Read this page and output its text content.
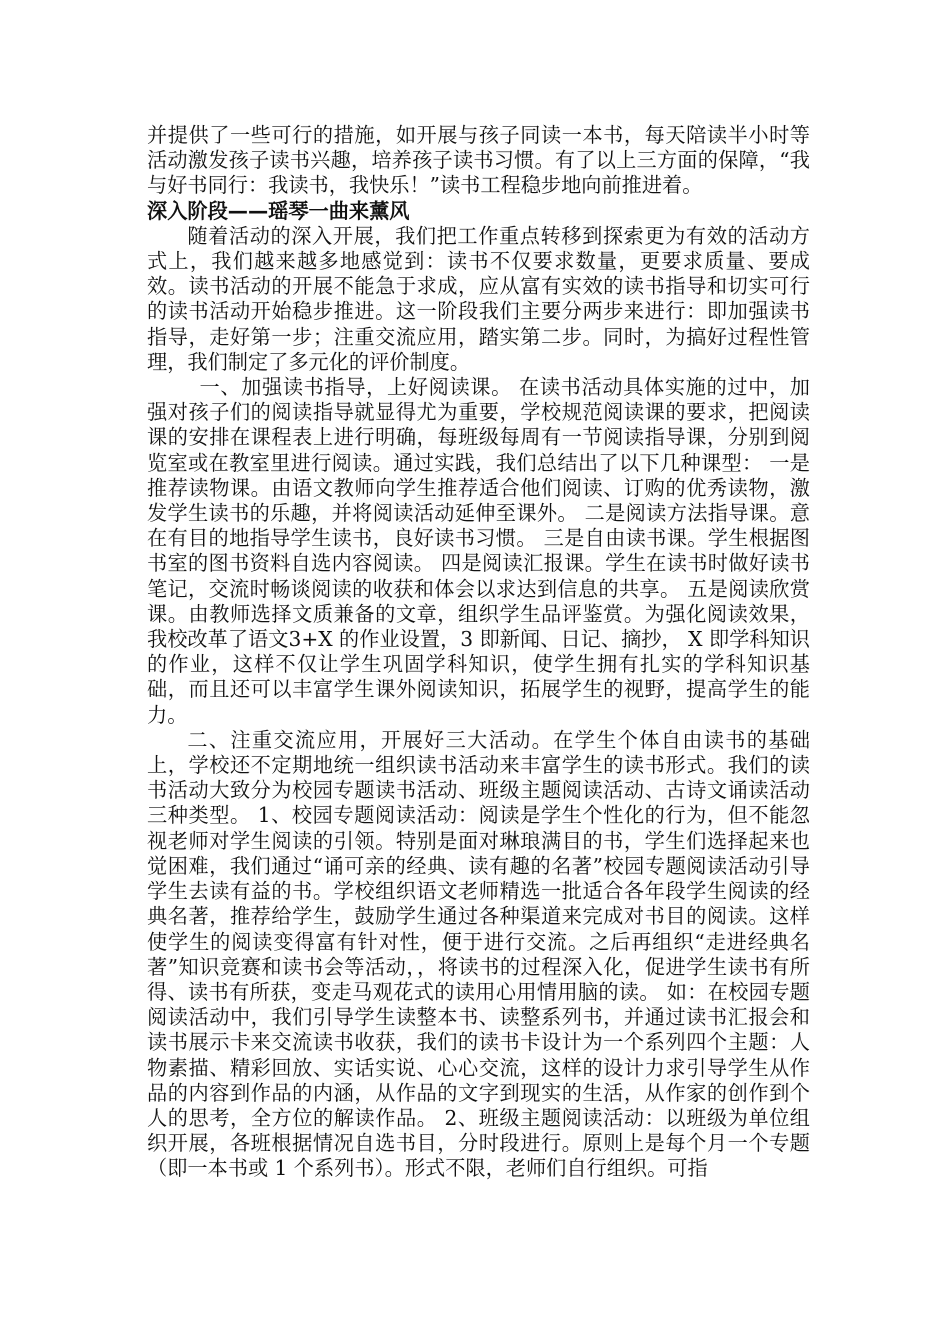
并提供了一些可行的措施，如开展与孩子同读一本书，每天陪读半小时等活动激发孩子读书兴趣，培养孩子读书习惯。有了以上三方面的保障，“我与好书同行：我读书，我快乐！”读书工程稳步地向前推进着。

深入阶段——瑶琴一曲来薰风

随着活动的深入开展，我们把工作重点转移到探索更为有效的活动方式上，我们越来越多地感觉到：读书不仅要求数量，更要求质量、要成效。读书活动的开展不能急于求成，应从富有实效的读书指导和切实可行的读书活动开始稳步推进。这一阶段我们主要分两步来进行：即加强读书指导，走好第一步；注重交流应用，踏实第二步。同时，为搞好过程性管理，我们制定了多元化的评价制度。

一、加强读书指导，上好阅读课。 在读书活动具体实施的过中，加强对孩子们的阅读指导就显得尤为重要，学校规范阅读课的要求，把阅读课的安排在课程表上进行明确，每班级每周有一节阅读指导课，分别到阅览室或在教室里进行阅读。通过实践，我们总结出了以下几种课型： 一是推荐读物课。由语文教师向学生推荐适合他们阅读、订购的优秀读物，激发学生读书的乐趣，并将阅读活动延伸至课外。 二是阅读方法指导课。意在有目的地指导学生读书，良好读书习惯。 三是自由读书课。学生根据图书室的图书资料自选内容阅读。 四是阅读汇报课。学生在读书时做好读书笔记，交流时畅谈阅读的收获和体会以求达到信息的共享。 五是阅读欣赏课。由教师选择文质兼备的文章，组织学生品评鉴赏。为强化阅读效果，我校改革了语文3+X 的作业设置，3 即新闻、日记、摘抄， X 即学科知识的作业，这样不仅让学生巩固学科知识，使学生拥有扎实的学科知识基础，而且还可以丰富学生课外阅读知识，拓展学生的视野，提高学生的能力。

二、注重交流应用，开展好三大活动。在学生个体自由读书的基础上，学校还不定期地统一组织读书活动来丰富学生的读书形式。我们的读书活动大致分为校园专题读书活动、班级主题阅读活动、古诗文诵读活动三种类型。 1、校园专题阅读活动：阅读是学生个性化的行为，但不能忽视老师对学生阅读的引领。特别是面对琳琅满目的书，学生们选择起来也觉困难，我们通过“诵可亲的经典、读有趣的名著”校园专题阅读活动引导学生去读有益的书。学校组织语文老师精选一批适合各年段学生阅读的经典名著，推荐给学生，鼓励学生通过各种渠道来完成对书目的阅读。这样使学生的阅读变得富有针对性，便于进行交流。之后再组织“走进经典名著”知识竞赛和读书会等活动，，将读书的过程深入化，促进学生读书有所得、读书有所获，变走马观花式的读用心用情用脑的读。 如：在校园专题阅读活动中，我们引导学生读整本书、读整系列书，并通过读书汇报会和读书展示卡来交流读书收获，我们的读书卡设计为一个系列四个主题：人物素描、精彩回放、实话实说、心心交流，这样的设计力求引导学生从作品的内容到作品的内涵，从作品的文字到现实的生活，从作家的创作到个人的思考，全方位的解读作品。 2、班级主题阅读活动：以班级为单位组织开展，各班根据情况自选书目，分时段进行。原则上是每个月一个专题（即一本书或 1 个系列书）。形式不限，老师们自行组织。可指
